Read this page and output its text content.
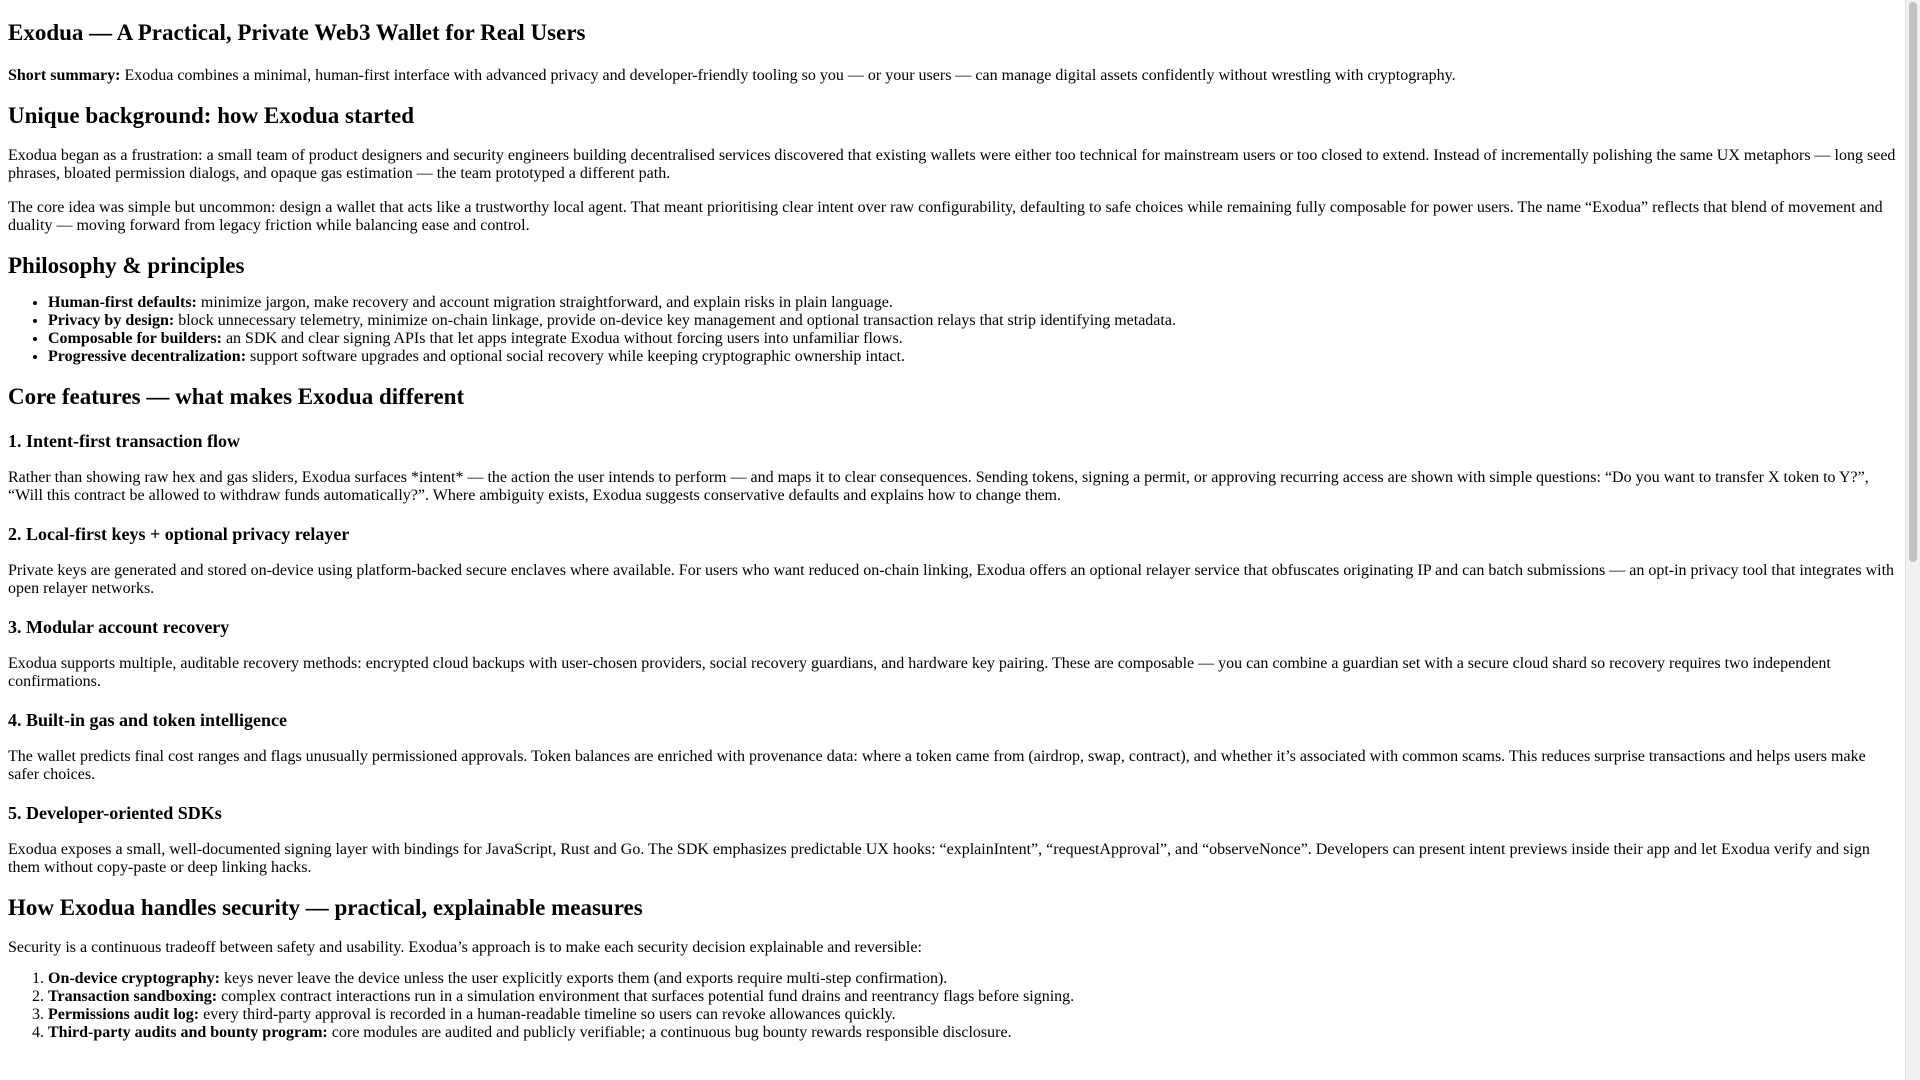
Exodua — A Practical, Private Web3 Wallet for Real Users

Short summary: Exodua combines a minimal, human-first interface with advanced privacy and developer-friendly tooling so you — or your users — can manage digital assets confidently without wrestling with cryptography.

Unique background: how Exodua started

Exodua began as a frustration: a small team of product designers and security engineers building decentralised services discovered that existing wallets were either too technical for mainstream users or too closed to extend. Instead of incrementally polishing the same UX metaphors — long seed phrases, bloated permission dialogs, and opaque gas estimation — the team prototyped a different path.

The core idea was simple but uncommon: design a wallet that acts like a trustworthy local agent. That meant prioritising clear intent over raw configurability, defaulting to safe choices while remaining fully composable for power users. The name “Exodua” reflects that blend of movement and duality — moving forward from legacy friction while balancing ease and control.

Philosophy & principles
• Human-first defaults: minimize jargon, make recovery and account migration straightforward, and explain risks in plain language.
• Privacy by design: block unnecessary telemetry, minimize on-chain linkage, provide on-device key management and optional transaction relays that strip identifying metadata.
• Composable for builders: an SDK and clear signing APIs that let apps integrate Exodua without forcing users into unfamiliar flows.
• Progressive decentralization: support software upgrades and optional social recovery while keeping cryptographic ownership intact.
Core features — what makes Exodua different
1. Intent-first transaction flow

Rather than showing raw hex and gas sliders, Exodua surfaces *intent* — the action the user intends to perform — and maps it to clear consequences. Sending tokens, signing a permit, or approving recurring access are shown with simple questions: “Do you want to transfer X token to Y?”, “Will this contract be allowed to withdraw funds automatically?”. Where ambiguity exists, Exodua suggests conservative defaults and explains how to change them.

2. Local-first keys + optional privacy relayer

Private keys are generated and stored on-device using platform-backed secure enclaves where available. For users who want reduced on-chain linking, Exodua offers an optional relayer service that obfuscates originating IP and can batch submissions — an opt-in privacy tool that integrates with open relayer networks.

3. Modular account recovery

Exodua supports multiple, auditable recovery methods: encrypted cloud backups with user-chosen providers, social recovery guardians, and hardware key pairing. These are composable — you can combine a guardian set with a secure cloud shard so recovery requires two independent confirmations.

4. Built-in gas and token intelligence

The wallet predicts final cost ranges and flags unusually permissioned approvals. Token balances are enriched with provenance data: where a token came from (airdrop, swap, contract), and whether it’s associated with common scams. This reduces surprise transactions and helps users make safer choices.

5. Developer-oriented SDKs

Exodua exposes a small, well-documented signing layer with bindings for JavaScript, Rust and Go. The SDK emphasizes predictable UX hooks: “explainIntent”, “requestApproval”, and “observeNonce”. Developers can present intent previews inside their app and let Exodua verify and sign them without copy-paste or deep linking hacks.

How Exodua handles security — practical, explainable measures

Security is a continuous tradeoff between safety and usability. Exodua’s approach is to make each security decision explainable and reversible:

1. On-device cryptography: keys never leave the device unless the user explicitly exports them (and exports require multi-step confirmation).
2. Transaction sandboxing: complex contract interactions run in a simulation environment that surfaces potential fund drains and reentrancy flags before signing.
3. Permissions audit log: every third-party approval is recorded in a human-readable timeline so users can revoke allowances quickly.
4. Third-party audits and bounty program: core modules are audited and publicly verifiable; a continuous bug bounty rewards responsible disclosure.
